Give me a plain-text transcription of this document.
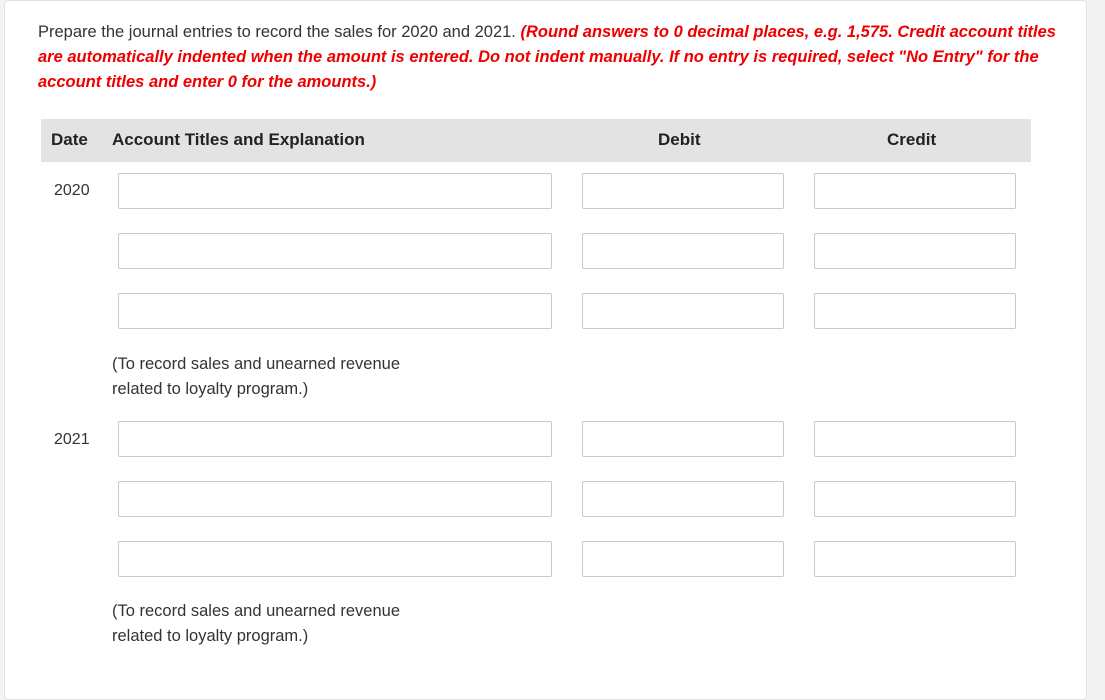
Prepare the journal entries to record the sales for 2020 and 2021. (Round answers to 0 decimal places, e.g. 1,575. Credit account titles are automatically indented when the amount is entered. Do not indent manually. If no entry is required, select "No Entry" for the account titles and enter 0 for the amounts.)
Date Account Titles and Explanation	Debit	Credit
2020
(To record sales and unearned revenue related to loyalty program.)
2021
(To record sales and unearned revenue related to loyalty program.)
